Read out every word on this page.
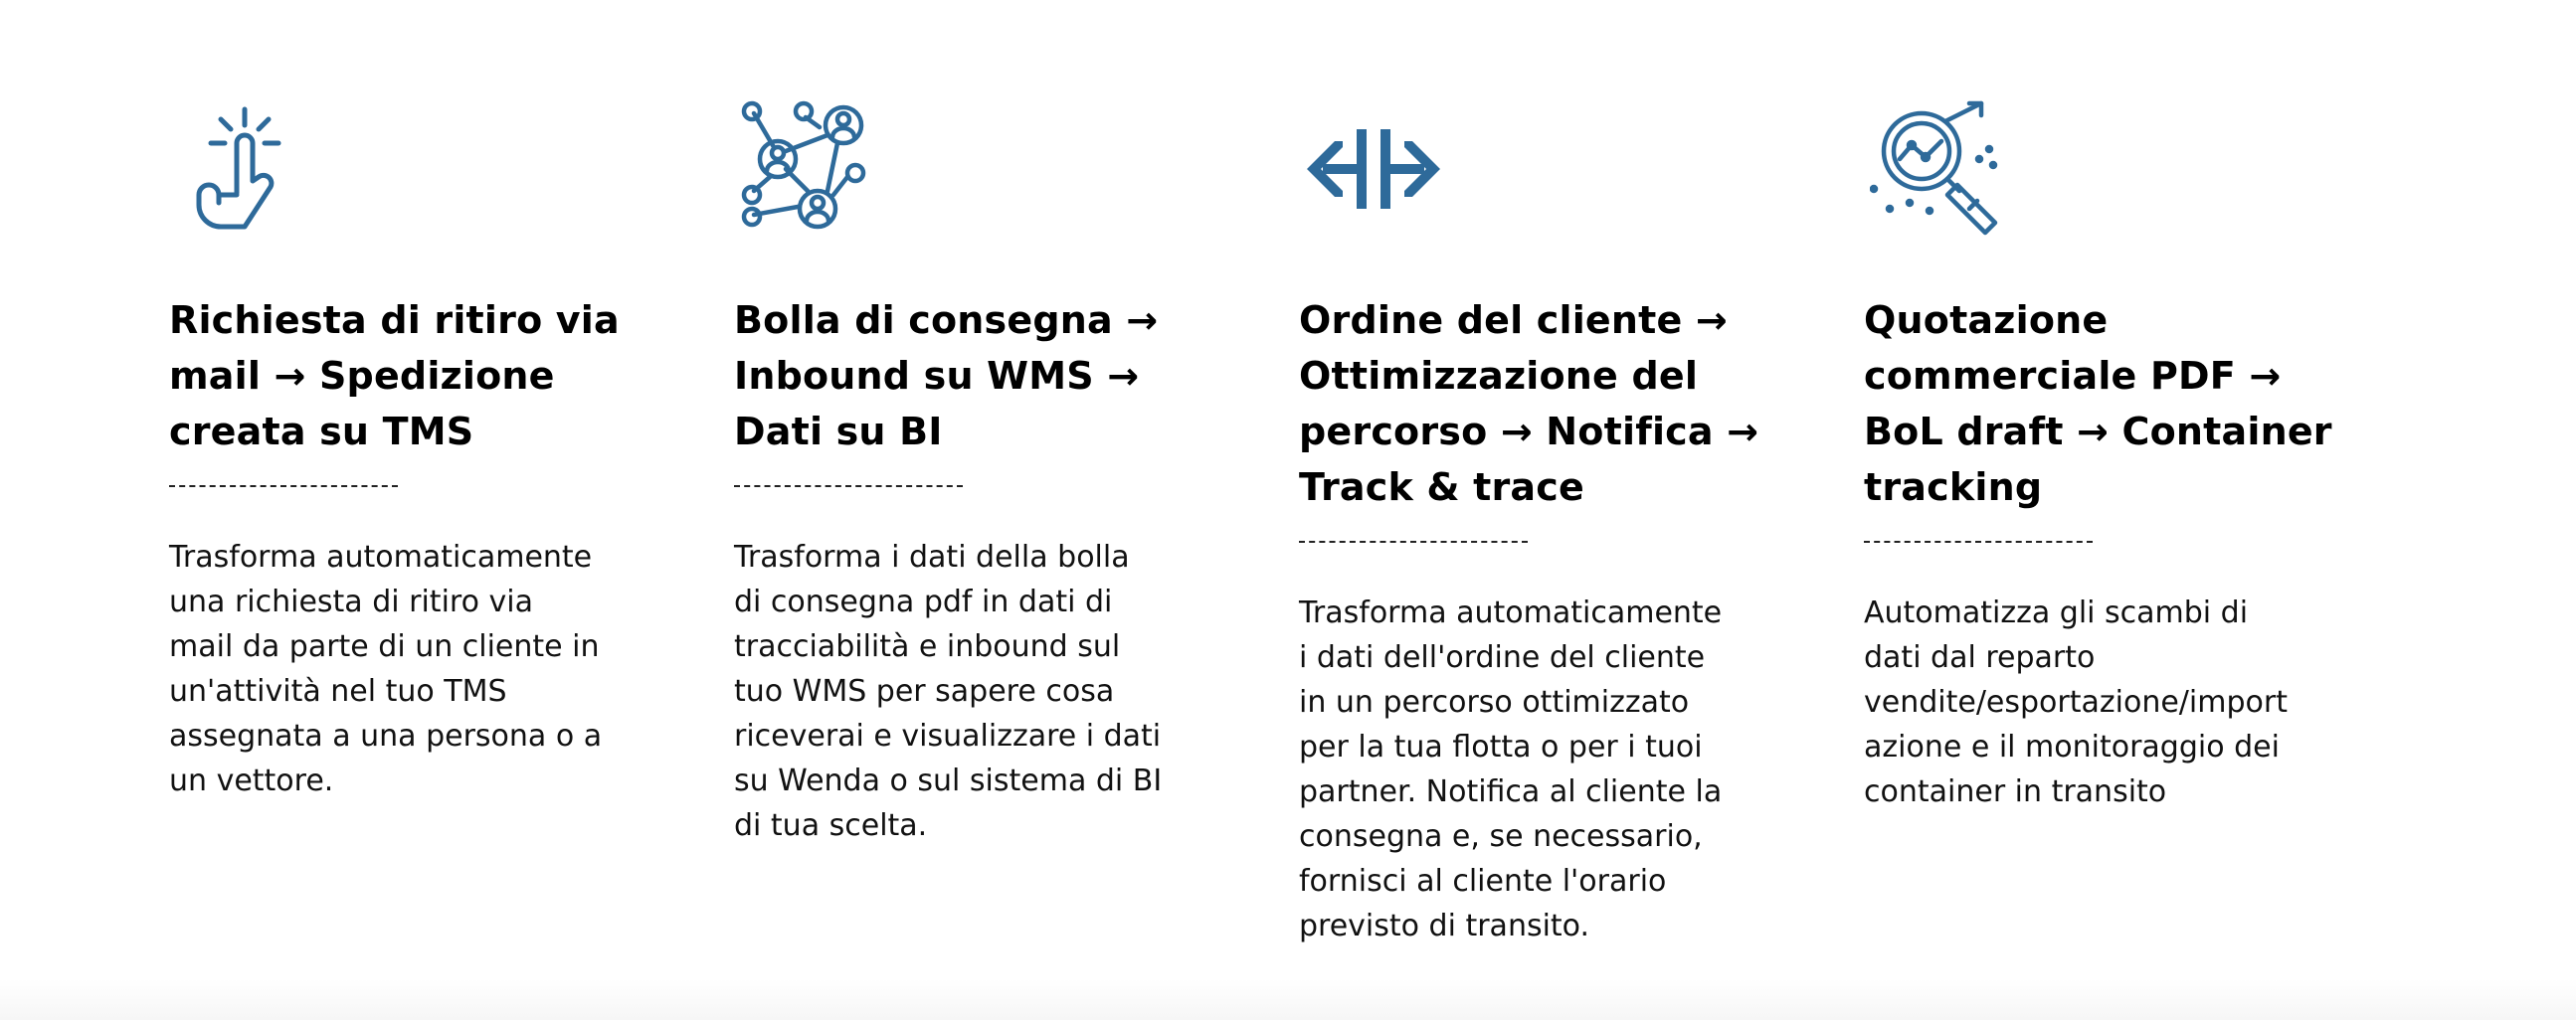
Richiesta di ritiro via
mail → Spedizione
creata su TMS
Trasforma automaticamente
una richiesta di ritiro via
mail da parte di un cliente in
un'attività nel tuo TMS
assegnata a una persona o a
un vettore.
Bolla di consegna →
Inbound su WMS →
Dati su BI
Trasforma i dati della bolla
di consegna pdf in dati di
tracciabilità e inbound sul
tuo WMS per sapere cosa
riceverai e visualizzare i dati
su Wenda o sul sistema di BI
di tua scelta.
Ordine del cliente →
Ottimizzazione del
percorso → Notifica →
Track & trace
Trasforma automaticamente
i dati dell'ordine del cliente
in un percorso ottimizzato
per la tua flotta o per i tuoi
partner. Notifica al cliente la
consegna e, se necessario,
fornisci al cliente l'orario
previsto di transito.
Quotazione
commerciale PDF →
BoL draft → Container
tracking
Automatizza gli scambi di
dati dal reparto
vendite/esportazione/import
azione e il monitoraggio dei
container in transito
